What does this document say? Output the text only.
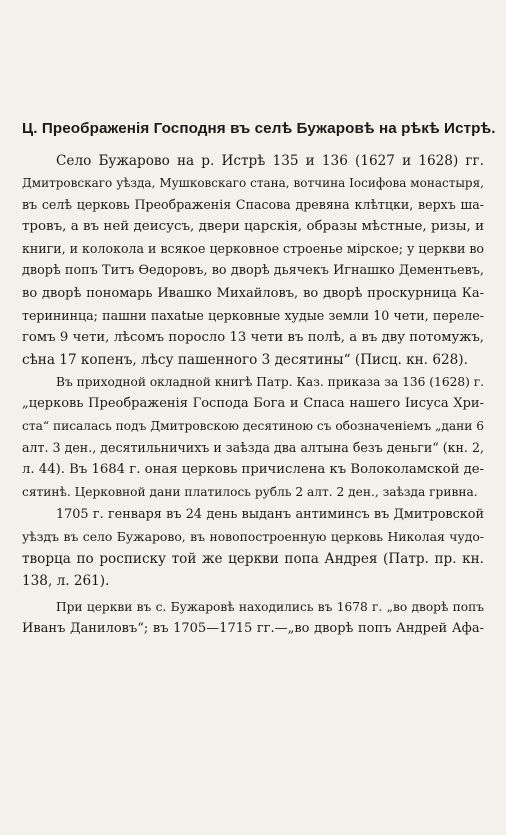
Ц. Преображенія Господня въ селѣ Бужаровѣ на рѣкѣ Истрѣ.
Село Бужарово на р. Истрѣ 135 и 136 (1627 и 1628) гг.
Дмитровскаго уѣзда, Мушковскаго стана, вотчина Іосифова монастыря,
въ селѣ церковь Преображенія Спасова древяна клѣтцки, верхъ ша-
тровъ, а въ ней деисусъ, двери царскія, образы мѣстные, ризы, и
книги, и колокола и всякое церковное строенье мірское; у церкви во
дворѣ попъ Титъ Ѳедоровъ, во дворѣ дьячекъ Игнашко Дементьевъ,
во дворѣ пономарь Ивашко Михайловъ, во дворѣ проскурница Ка-
терининца; пашни пахаtые церковные худые земли 10 чети, переле-
гомъ 9 чети, лѣсомъ поросло 13 чети въ полѣ, а въ дву потомужъ,
сѣна 17 копенъ, лѣсу пашенного 3 десятины“ (Писц. кн. 628).
Въ приходной окладной книгѣ Патр. Каз. приказа за 136 (1628) г.
„церковь Преображенія Господа Бога и Спаса нашего Іисуса Хри-
ста“ писалась подъ Дмитровскою десятиною съ обозначеніемъ „дани 6
алт. 3 ден., десятильничихъ и заѣзда два алтына безъ деньги“ (кн. 2,
л. 44). Въ 1684 г. оная церковь причислена къ Волоколамской де-
сятинѣ. Церковной дани платилось рубль 2 алт. 2 ден., заѣзда гривна.
1705 г. генваря въ 24 день выданъ антиминсъ въ Дмитровской
уѣздъ въ село Бужарово, въ новопостроенную церковь Николая чудо-
творца по роспиcку той же церкви попа Андрея (Патр. пр. кн.
138, л. 261).
При церкви въ с. Бужаровѣ находились въ 1678 г. „во дворѣ попъ
Иванъ Даниловъ“; въ 1705—1715 гг.—„во дворѣ попъ Андрей Афа-
